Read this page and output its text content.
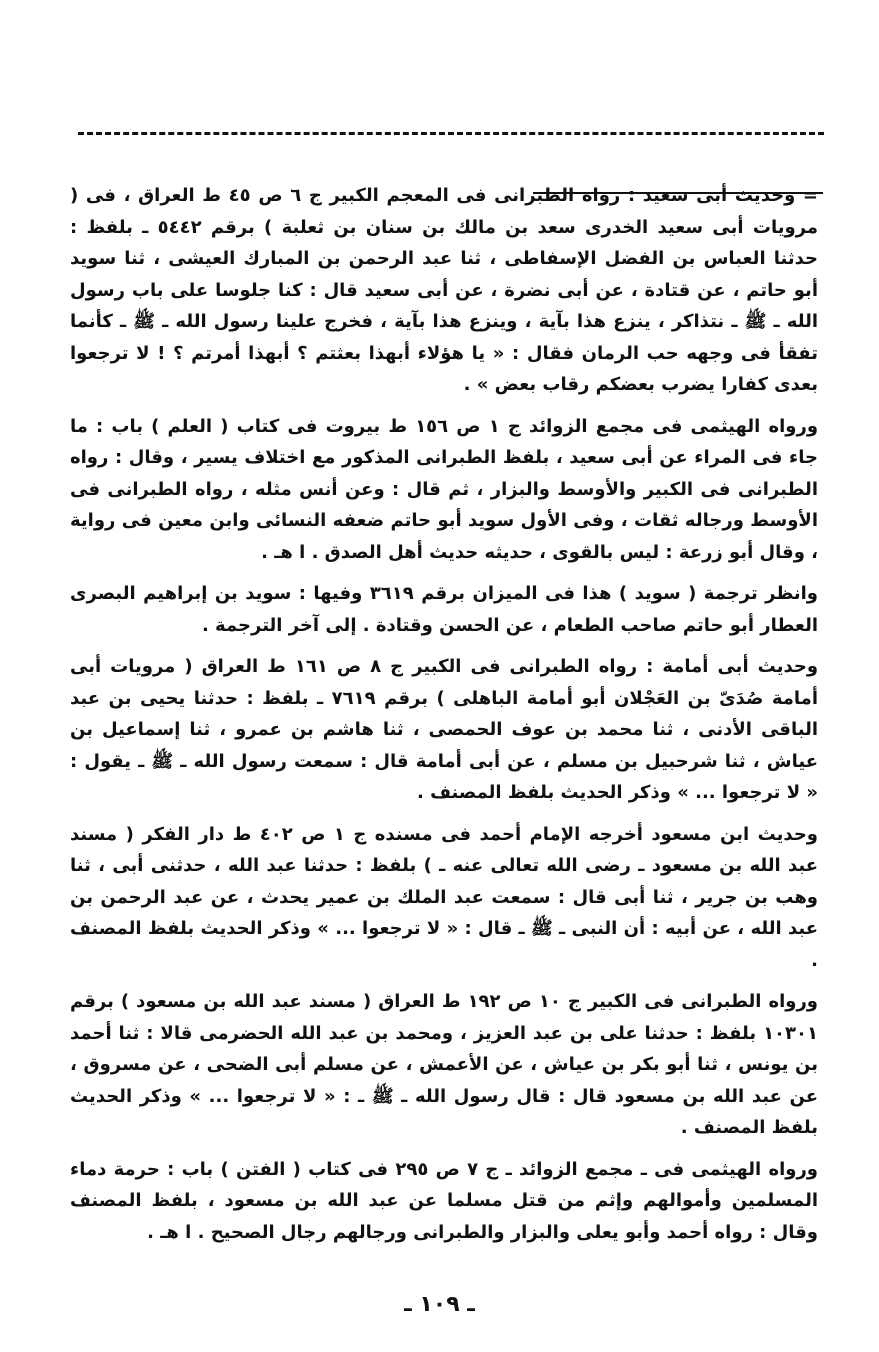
= وحديث أبى سعيد : رواه الطبرانى فى المعجم الكبير ج ٦ ص ٤٥ ط العراق ، فى ( مرويات أبى سعيد الخدرى سعد بن مالك بن سنان بن ثعلبة ) برقم ٥٤٤٢ ـ بلفظ : حدثنا العباس بن الفضل الإسفاطى ، ثنا عبد الرحمن بن المبارك العيشى ، ثنا سويد أبو حاتم ، عن قتادة ، عن أبى نضرة ، عن أبى سعيد قال : كنا جلوسا على باب رسول الله ـ ﷺ ـ نتذاكر ، ينزع هذا بآية ، وينزع هذا بآية ، فخرج علينا رسول الله ـ ﷺ ـ كأنما تفقأ فى وجهه حب الرمان فقال : « يا هؤلاء أبهذا بعثتم ؟ أبهذا أمرتم ؟ ! لا ترجعوا بعدى كفارا يضرب بعضكم رقاب بعض » .

ورواه الهيثمى فى مجمع الزوائد ج ١ ص ١٥٦ ط بيروت فى كتاب ( العلم ) باب : ما جاء فى المراء عن أبى سعيد ، بلفظ الطبرانى المذكور مع اختلاف يسير ، وقال : رواه الطبرانى فى الكبير والأوسط والبزار ، ثم قال : وعن أنس مثله ، رواه الطبرانى فى الأوسط ورجاله ثقات ، وفى الأول سويد أبو حاتم ضعفه النسائى وابن معين فى رواية ، وقال أبو زرعة : ليس بالقوى ، حديثه حديث أهل الصدق . ا هـ .

وانظر ترجمة ( سويد ) هذا فى الميزان برقم ٣٦١٩ وفيها : سويد بن إبراهيم البصرى العطار أبو حاتم صاحب الطعام ، عن الحسن وقتادة . إلى آخر الترجمة .

وحديث أبى أمامة : رواه الطبرانى فى الكبير ج ٨ ص ١٦١ ط العراق ( مرويات أبى أمامة صُدَىّ بن العَجْلان أبو أمامة الباهلى ) برقم ٧٦١٩ ـ بلفظ : حدثنا يحيى بن عبد الباقى الأدنى ، ثنا محمد بن عوف الحمصى ، ثنا هاشم بن عمرو ، ثنا إسماعيل بن عياش ، ثنا شرحبيل بن مسلم ، عن أبى أمامة قال : سمعت رسول الله ـ ﷺ ـ يقول : « لا ترجعوا ... » وذكر الحديث بلفظ المصنف .

وحديث ابن مسعود أخرجه الإمام أحمد فى مسنده ج ١ ص ٤٠٢ ط دار الفكر ( مسند عبد الله بن مسعود ـ رضى الله تعالى عنه ـ ) بلفظ : حدثنا عبد الله ، حدثنى أبى ، ثنا وهب بن جرير ، ثنا أبى قال : سمعت عبد الملك بن عمير يحدث ، عن عبد الرحمن بن عبد الله ، عن أبيه : أن النبى ـ ﷺ ـ قال : « لا ترجعوا ... » وذكر الحديث بلفظ المصنف .

ورواه الطبرانى فى الكبير ج ١٠ ص ١٩٢ ط العراق ( مسند عبد الله بن مسعود ) برقم ١٠٣٠١ بلفظ : حدثنا على بن عبد العزيز ، ومحمد بن عبد الله الحضرمى قالا : ثنا أحمد بن يونس ، ثنا أبو بكر بن عياش ، عن الأعمش ، عن مسلم أبى الضحى ، عن مسروق ، عن عبد الله بن مسعود قال : قال رسول الله ـ ﷺ ـ : « لا ترجعوا ... » وذكر الحديث بلفظ المصنف .

ورواه الهيثمى فى ـ مجمع الزوائد ـ ج ٧ ص ٢٩٥ فى كتاب ( الفتن ) باب : حرمة دماء المسلمين وأموالهم وإثم من قتل مسلما عن عبد الله بن مسعود ، بلفظ المصنف وقال : رواه أحمد وأبو يعلى والبزار والطبرانى ورجالهم رجال الصحيح . ا هـ .

ـ ١٠٩ ـ
